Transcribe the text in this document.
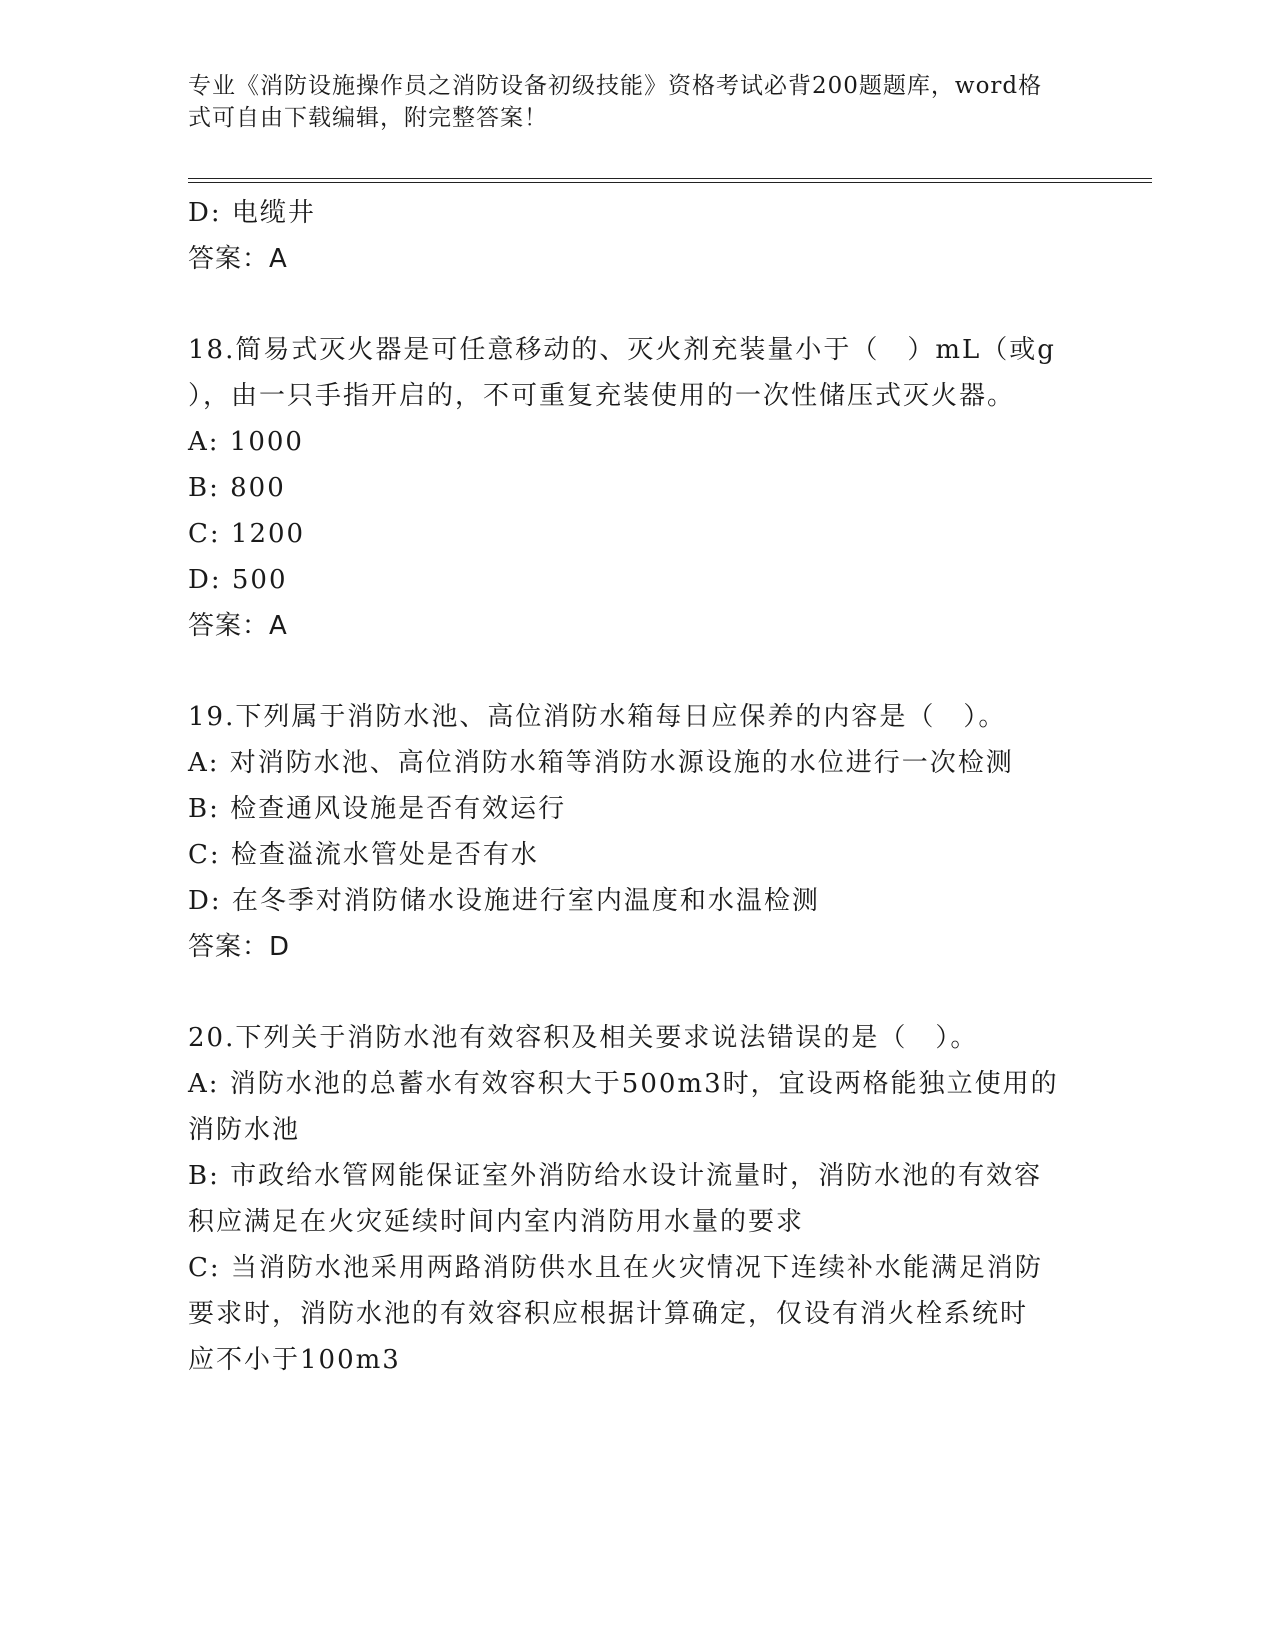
专业《消防设施操作员之消防设备初级技能》资格考试必背200题题库，word格
式可自由下载编辑，附完整答案！
D: 电缆井
答案：A
18.简易式灭火器是可任意移动的、灭火剂充装量小于（　）mL（或g
），由一只手指开启的，不可重复充装使用的一次性储压式灭火器。
A: 1000
B: 800
C: 1200
D: 500
答案：A
19.下列属于消防水池、高位消防水箱每日应保养的内容是（　）。
A: 对消防水池、高位消防水箱等消防水源设施的水位进行一次检测
B: 检查通风设施是否有效运行
C: 检查溢流水管处是否有水
D: 在冬季对消防储水设施进行室内温度和水温检测
答案：D
20.下列关于消防水池有效容积及相关要求说法错误的是（　）。
A: 消防水池的总蓄水有效容积大于500m3时，宜设两格能独立使用的
消防水池
B: 市政给水管网能保证室外消防给水设计流量时，消防水池的有效容
积应满足在火灾延续时间内室内消防用水量的要求
C: 当消防水池采用两路消防供水且在火灾情况下连续补水能满足消防
要求时，消防水池的有效容积应根据计算确定，仅设有消火栓系统时
应不小于100m3
